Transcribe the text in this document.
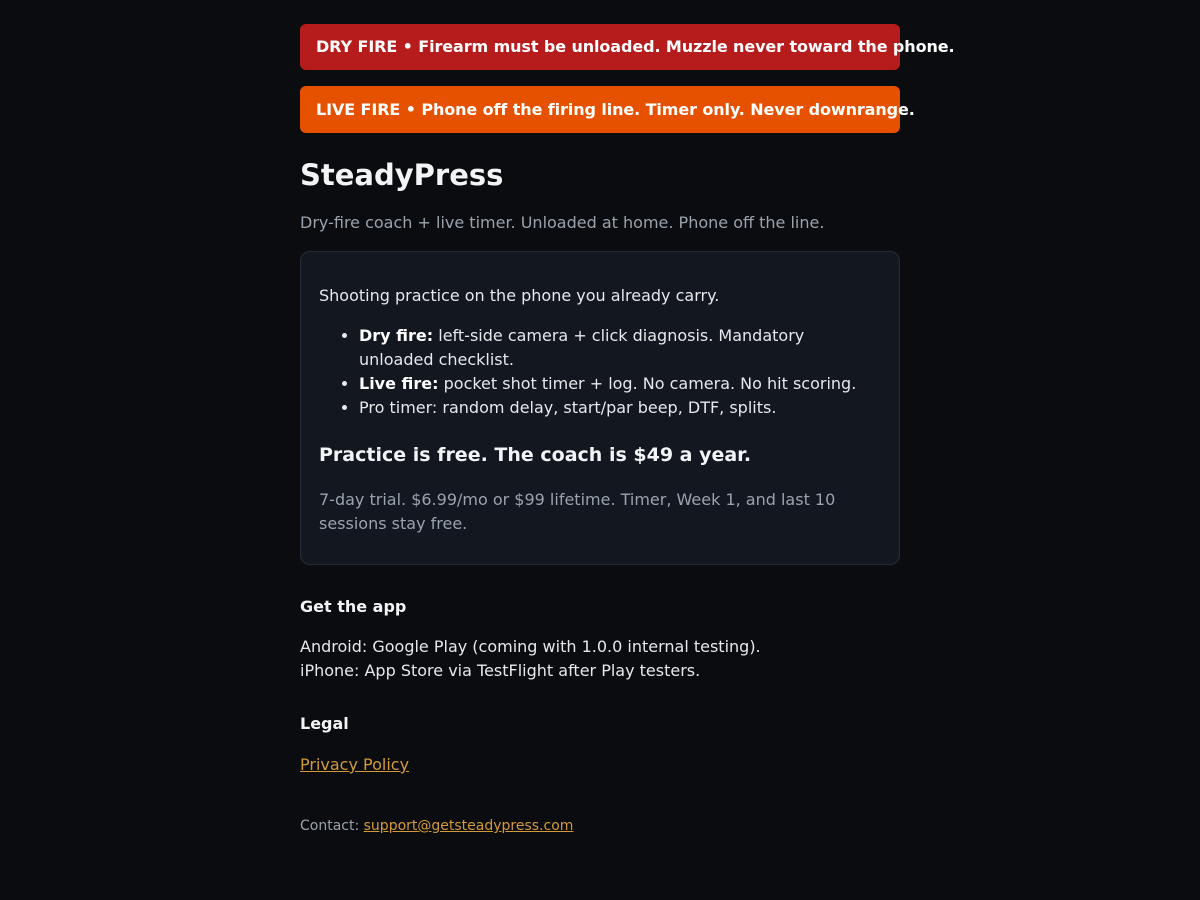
DRY FIRE • Firearm must be unloaded. Muzzle never toward the phone.
LIVE FIRE • Phone off the firing line. Timer only. Never downrange.
SteadyPress

Dry-fire coach + live timer. Unloaded at home. Phone off the line.

Shooting practice on the phone you already carry.

• Dry fire: left-side camera + click diagnosis. Mandatory unloaded checklist.
• Live fire: pocket shot timer + log. No camera. No hit scoring.
• Pro timer: random delay, start/par beep, DTF, splits.

Practice is free. The coach is $49 a year.

7-day trial. $6.99/mo or $99 lifetime. Timer, Week 1, and last 10 sessions stay free.

Get the app
Android: Google Play (coming with 1.0.0 internal testing).
iPhone: App Store via TestFlight after Play testers.
Legal
Privacy Policy
Contact: support@getsteadypress.com
